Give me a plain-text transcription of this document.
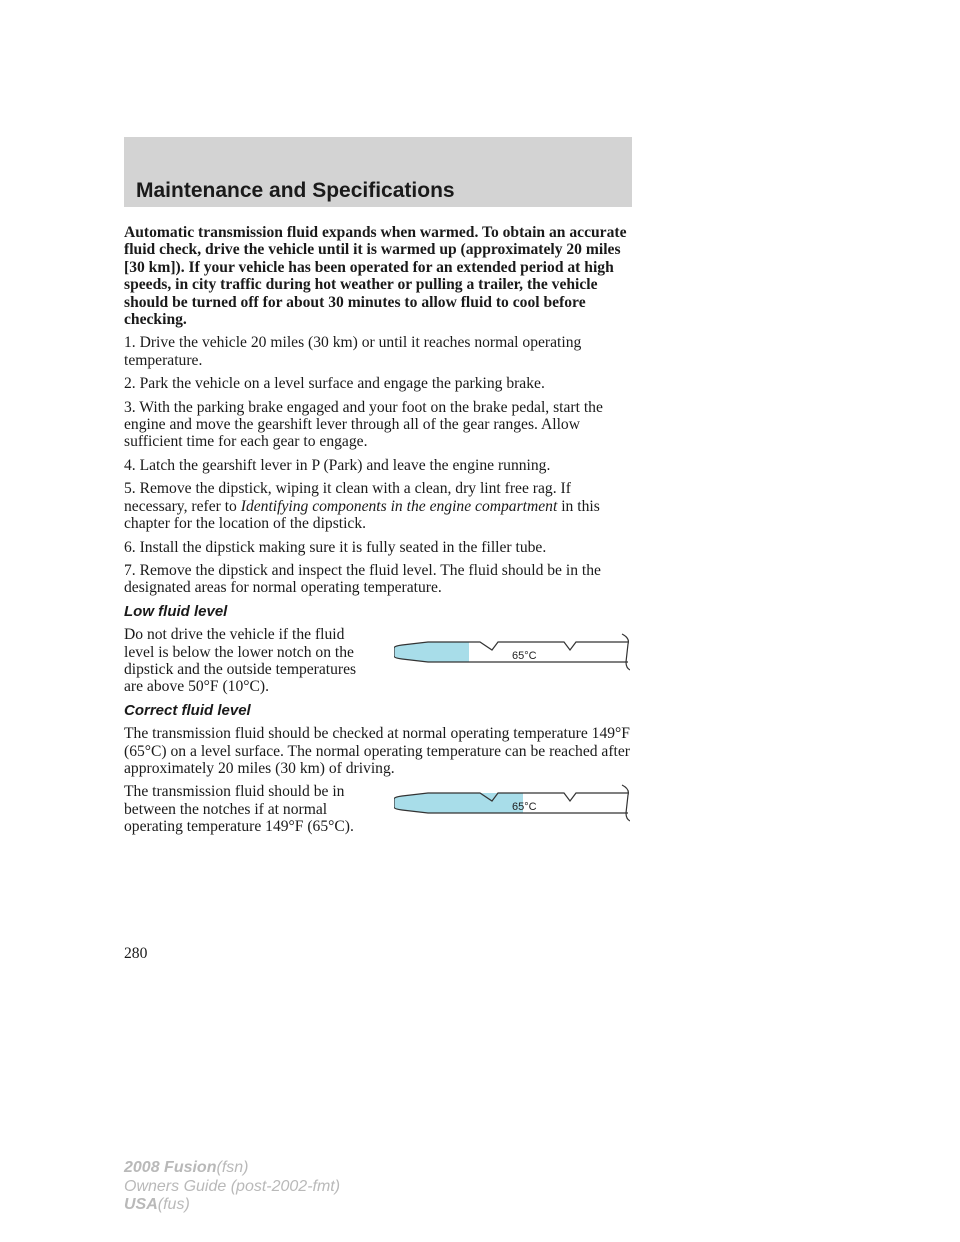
Maintenance and Specifications

Automatic transmission fluid expands when warmed. To obtain an accurate fluid check, drive the vehicle until it is warmed up (approximately 20 miles [30 km]). If your vehicle has been operated for an extended period at high speeds, in city traffic during hot weather or pulling a trailer, the vehicle should be turned off for about 30 minutes to allow fluid to cool before checking.

1. Drive the vehicle 20 miles (30 km) or until it reaches normal operating temperature.

2. Park the vehicle on a level surface and engage the parking brake.

3. With the parking brake engaged and your foot on the brake pedal, start the engine and move the gearshift lever through all of the gear ranges. Allow sufficient time for each gear to engage.

4. Latch the gearshift lever in P (Park) and leave the engine running.

5. Remove the dipstick, wiping it clean with a clean, dry lint free rag. If necessary, refer to Identifying components in the engine compartment in this chapter for the location of the dipstick.

6. Install the dipstick making sure it is fully seated in the filler tube.

7. Remove the dipstick and inspect the fluid level. The fluid should be in the designated areas for normal operating temperature.

Low fluid level

Do not drive the vehicle if the fluid level is below the lower notch on the dipstick and the outside temperatures are above 50°F (10°C).

65°C

Correct fluid level

The transmission fluid should be checked at normal operating temperature 149°F (65°C) on a level surface. The normal operating temperature can be reached after approximately 20 miles (30 km) of driving.

The transmission fluid should be in between the notches if at normal operating temperature 149°F (65°C).

65°C
280
2008 Fusion(fsn)
Owners Guide (post-2002-fmt)
USA(fus)
